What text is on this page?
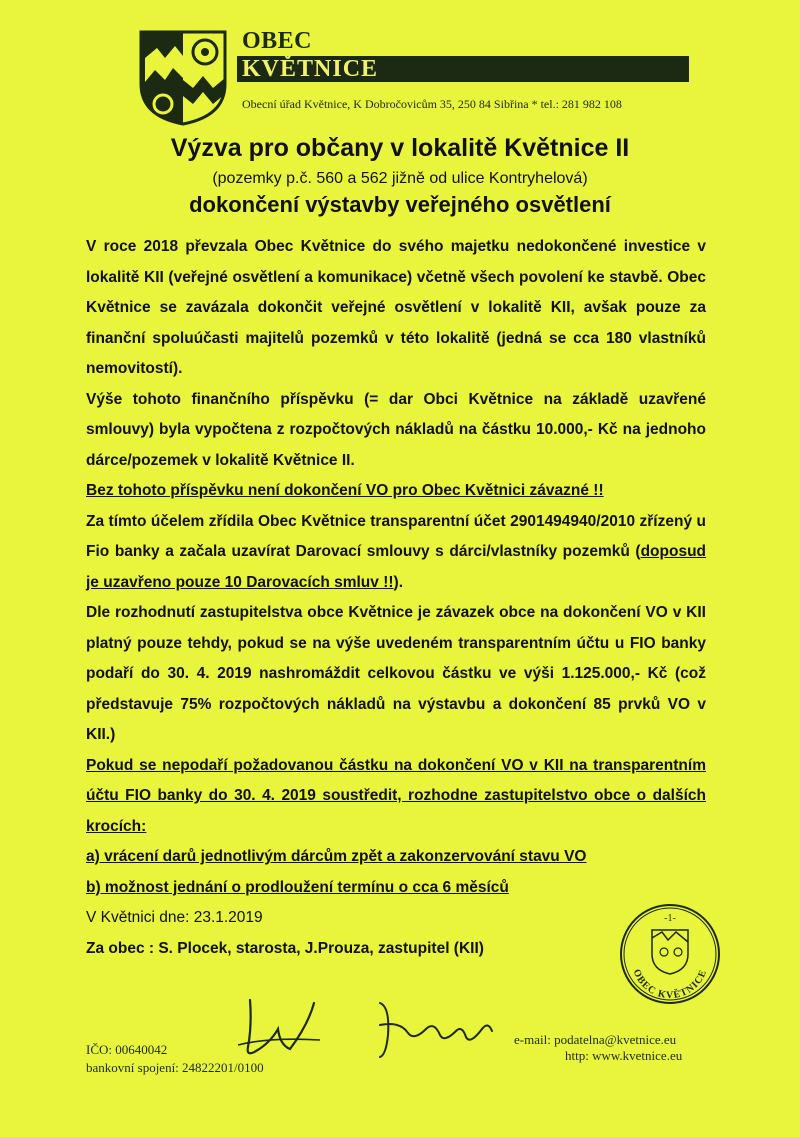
OBEC
KVĚTNICE
Obecní úřad Květnice, K Dobročovicům 35, 250 84 Sibřina * tel.: 281 982 108
Výzva pro občany v lokalitě Květnice II
(pozemky p.č. 560 a 562 jižně od ulice Kontryhelová)
dokončení výstavby veřejného osvětlení

V roce 2018 převzala Obec Květnice do svého majetku nedokončené investice v lokalitě KII (veřejné osvětlení a komunikace) včetně všech povolení ke stavbě. Obec Květnice se zavázala dokončit veřejné osvětlení v lokalitě KII, avšak pouze za finanční spoluúčasti majitelů pozemků v této lokalitě (jedná se cca 180 vlastníků nemovitostí).

Výše tohoto finančního příspěvku (= dar Obci Květnice na základě uzavřené smlouvy) byla vypočtena z rozpočtových nákladů na částku 10.000,- Kč na jednoho dárce/pozemek v lokalitě Květnice II.

Bez tohoto příspěvku není dokončení VO pro Obec Květnici závazné !!

Za tímto účelem zřídila Obec Květnice transparentní účet 2901494940/2010 zřízený u Fio banky a začala uzavírat Darovací smlouvy s dárci/vlastníky pozemků (doposud je uzavřeno pouze 10 Darovacích smluv !!).

Dle rozhodnutí zastupitelstva obce Květnice je závazek obce na dokončení VO v KII platný pouze tehdy, pokud se na výše uvedeném transparentním účtu u FIO banky podaří do 30. 4. 2019 nashromáždit celkovou částku ve výši 1.125.000,- Kč (což představuje 75% rozpočtových nákladů na výstavbu a dokončení 85 prvků VO v KII.)

Pokud se nepodaří požadovanou částku na dokončení VO v KII na transparentním účtu FIO banky do 30. 4. 2019 soustředit, rozhodne zastupitelstvo obce o dalších krocích:

a) vrácení darů jednotlivým dárcům zpět a zakonzervování stavu VO

b) možnost jednání o prodloužení termínu o cca 6 měsíců

V Květnici dne: 23.1.2019

Za obec : S. Plocek, starosta, J.Prouza, zastupitel (KII)

-1-
OBEC KVĚTNICE
IČO: 00640042
bankovní spojení: 24822201/0100
e-mail: podatelna@kvetnice.eu
http: www.kvetnice.eu
